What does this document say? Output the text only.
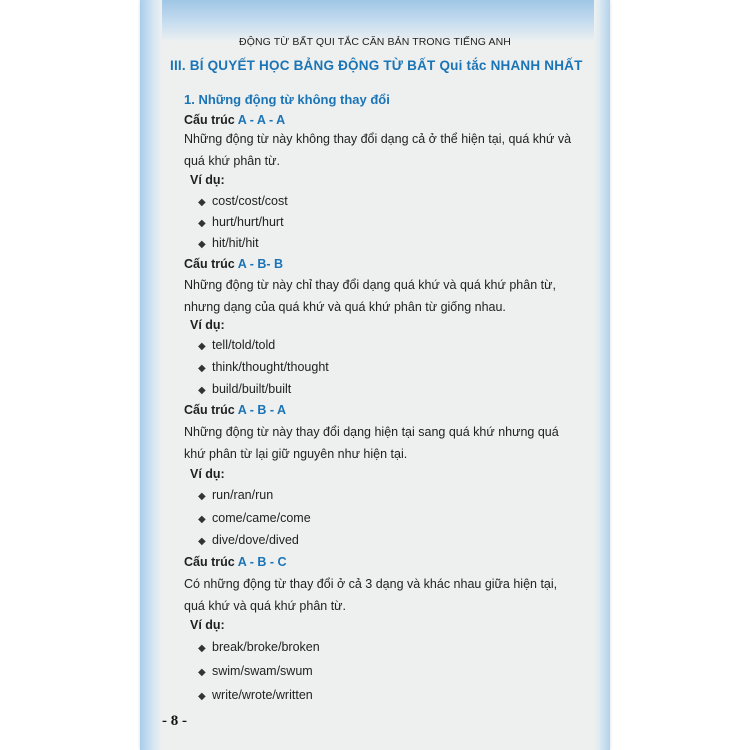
ĐỘNG TỪ BẤT QUI TẮC CĂN BẢN TRONG TIẾNG ANH
III. BÍ QUYẾT HỌC BẢNG ĐỘNG TỪ BẤT Qui tắc NHANH NHẤT
1. Những động từ không thay đổi
Cấu trúc A - A - A
Những động từ này không thay đổi dạng cả ở thể hiện tại, quá khứ và
quá khứ phân từ.
Ví dụ:
◆ cost/cost/cost
◆ hurt/hurt/hurt
◆ hit/hit/hit
Cấu trúc A - B- B
Những động từ này chỉ thay đổi dạng quá khứ và quá khứ phân từ,
nhưng dạng của quá khứ và quá khứ phân từ giống nhau.
Ví dụ:
◆ tell/told/told
◆ think/thought/thought
◆ build/built/built
Cấu trúc A - B - A
Những động từ này thay đổi dạng hiện tại sang quá khứ nhưng quá
khứ phân từ lại giữ nguyên như hiện tại.
Ví dụ:
◆ run/ran/run
◆ come/came/come
◆ dive/dove/dived
Cấu trúc A - B - C
Có những động từ thay đổi ở cả 3 dạng và khác nhau giữa hiện tại,
quá khứ và quá khứ phân từ.
Ví dụ:
◆ break/broke/broken
◆ swim/swam/swum
◆ write/wrote/written
- 8 -
